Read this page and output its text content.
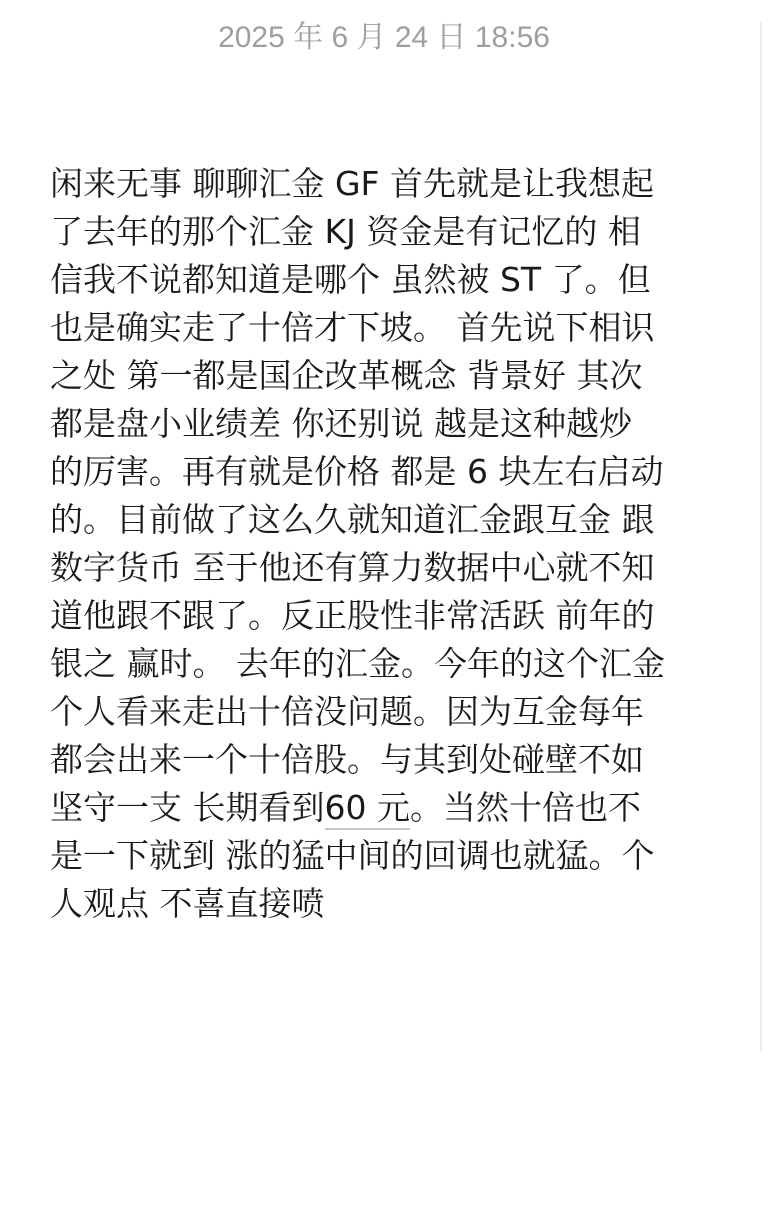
2025 年 6 月 24 日 18:56
闲来无事 聊聊汇金 GF 首先就是让我想起
了去年的那个汇金 KJ 资金是有记忆的 相
信我不说都知道是哪个 虽然被 ST 了。但
也是确实走了十倍才下坡。 首先说下相识
之处 第一都是国企改革概念 背景好 其次
都是盘小业绩差 你还别说 越是这种越炒
的厉害。再有就是价格 都是 6 块左右启动
的。目前做了这么久就知道汇金跟互金 跟
数字货币 至于他还有算力数据中心就不知
道他跟不跟了。反正股性非常活跃 前年的
银之 赢时。 去年的汇金。今年的这个汇金
个人看来走出十倍没问题。因为互金每年
都会出来一个十倍股。与其到处碰壁不如
坚守一支 长期看到60 元。当然十倍也不
是一下就到 涨的猛中间的回调也就猛。个
人观点 不喜直接喷
